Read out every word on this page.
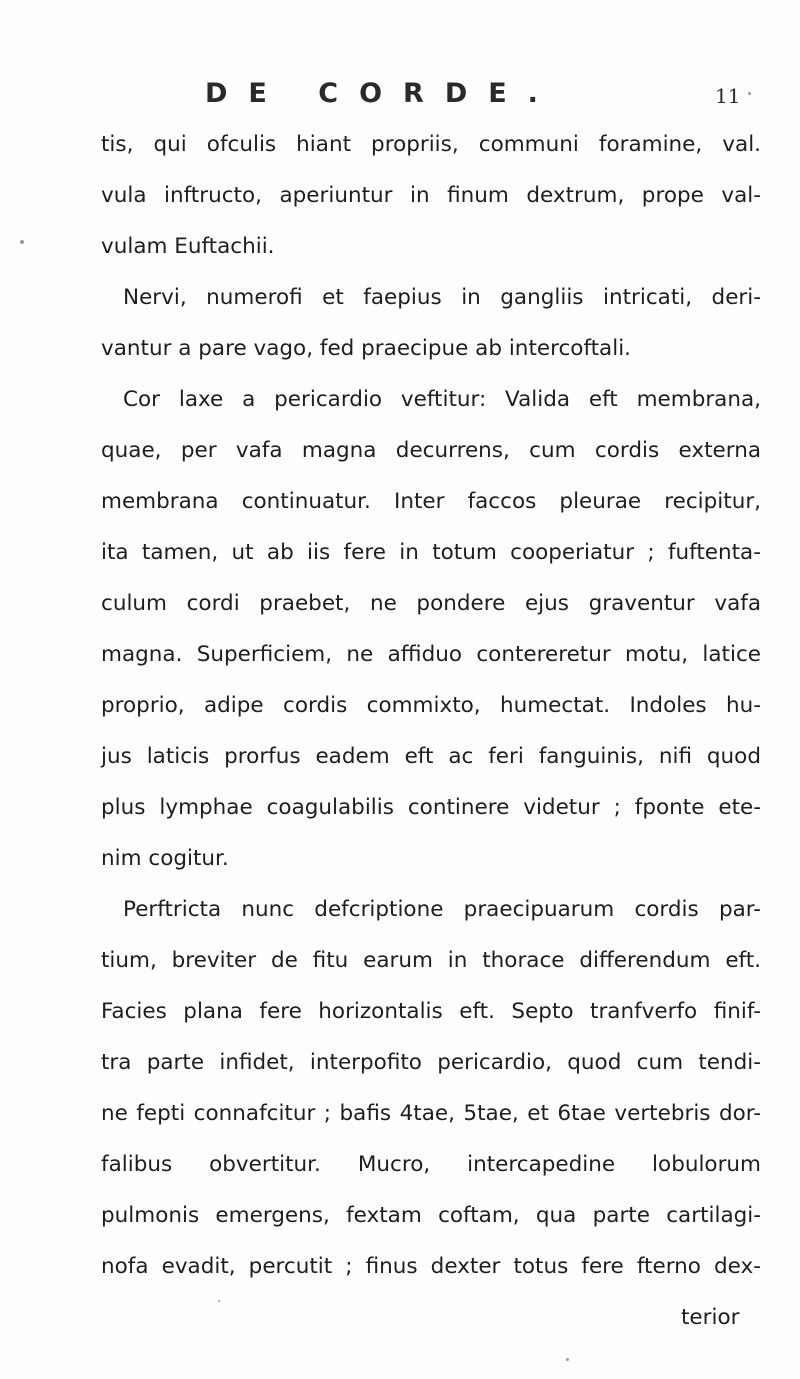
DE CORDE.	11
tis, qui ofculis hiant propriis, communi foramine, val.
vula inftructo, aperiuntur in finum dextrum, prope val-
vulam Euftachii.
Nervi, numerofi et faepius in gangliis intricati, deri-
vantur a pare vago, fed praecipue ab intercoftali.
Cor laxe a pericardio veftitur: Valida eft membrana,
quae, per vafa magna decurrens, cum cordis externa
membrana continuatur. Inter faccos pleurae recipitur,
ita tamen, ut ab iis fere in totum cooperiatur ; fuftenta-
culum cordi praebet, ne pondere ejus graventur vafa
magna. Superficiem, ne affiduo contereretur motu, latice
proprio, adipe cordis commixto, humectat. Indoles hu-
jus laticis prorfus eadem eft ac feri fanguinis, nifi quod
plus lymphae coagulabilis continere videtur ; fponte ete-
nim cogitur.
Perftricta nunc defcriptione praecipuarum cordis par-
tium, breviter de fitu earum in thorace differendum eft.
Facies plana fere horizontalis eft. Septo tranfverfo finif-
tra parte infidet, interpofito pericardio, quod cum tendi-
ne fepti connafcitur ; bafis 4tae, 5tae, et 6tae vertebris dor-
falibus obvertitur. Mucro, intercapedine lobulorum
pulmonis emergens, fextam coftam, qua parte cartilagi-
nofa evadit, percutit ; finus dexter totus fere fterno dex-
terior
